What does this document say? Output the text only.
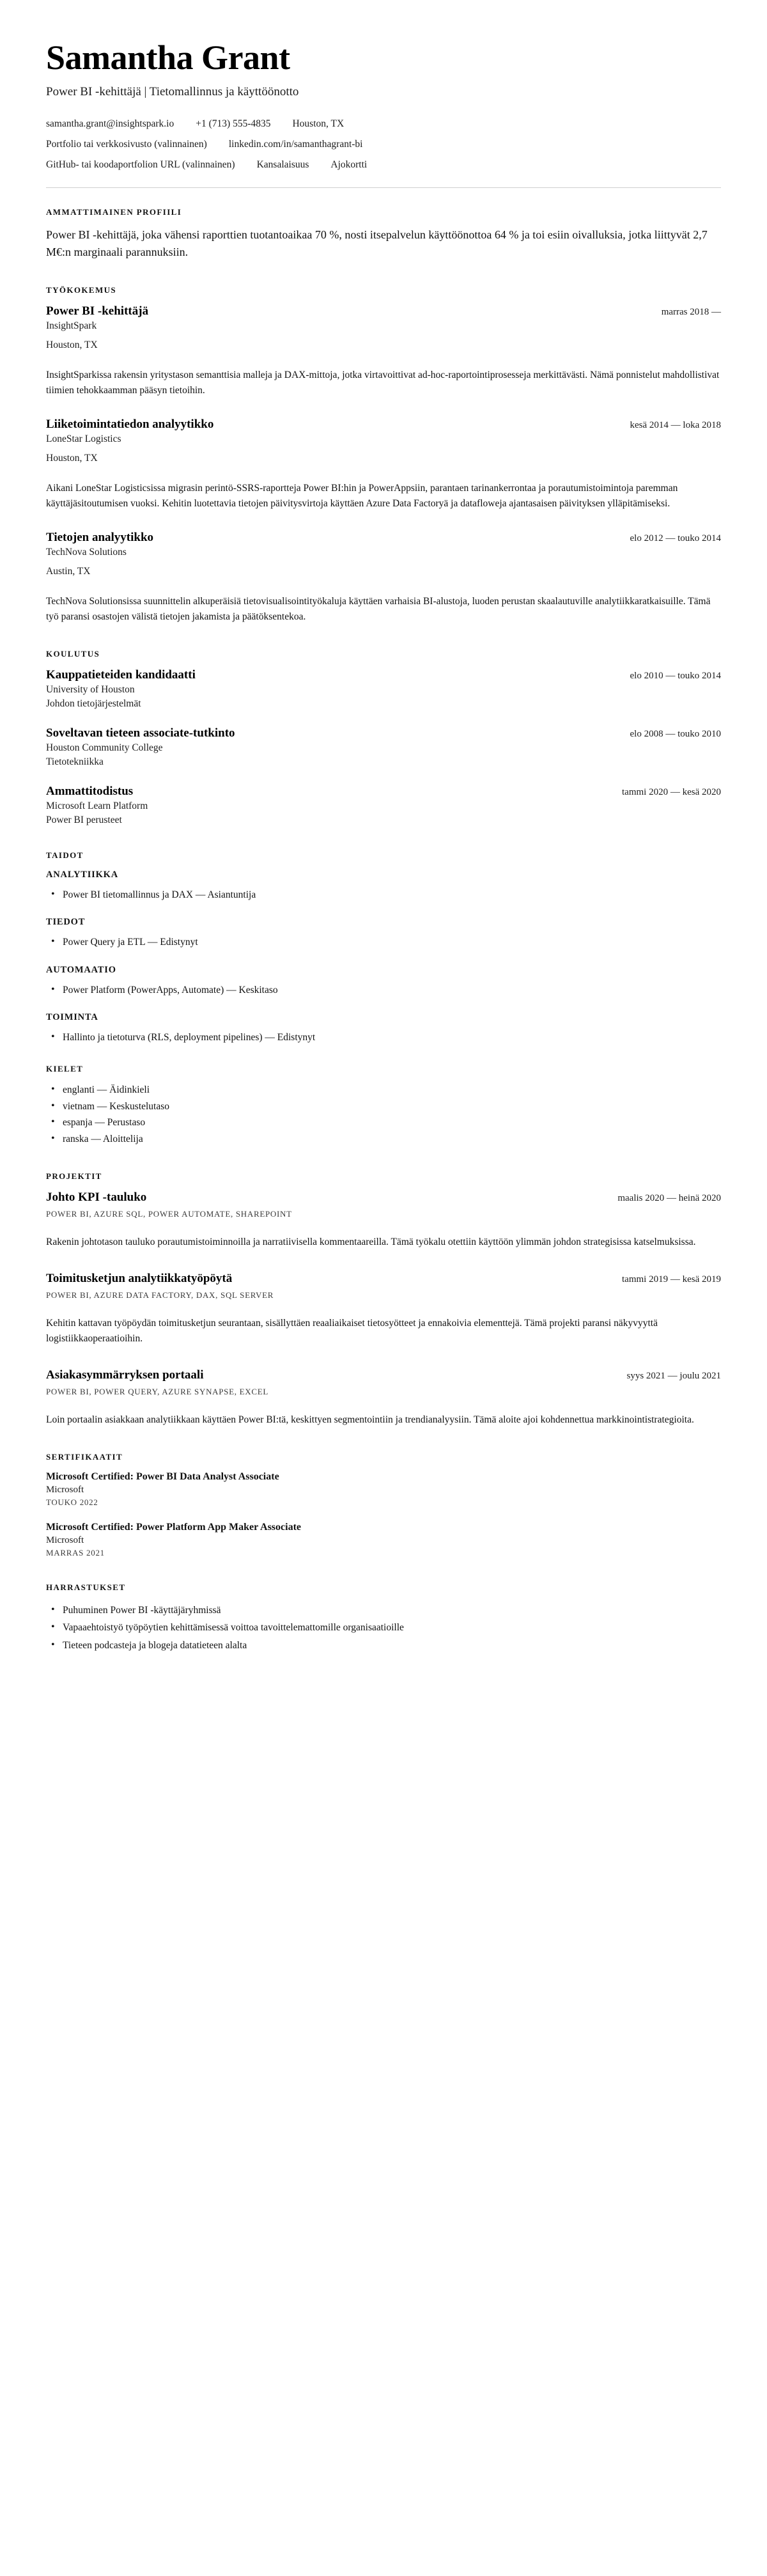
Samantha Grant
Power BI -kehittäjä | Tietomallinnus ja käyttöönotto
samantha.grant@insightspark.io +1 (713) 555-4835 Houston, TX
Portfolio tai verkkosivusto (valinnainen) linkedin.com/in/samanthagrant-bi
GitHub- tai koodaportfolion URL (valinnainen) Kansalaisuus Ajokortti
AMMATTIMAINEN PROFIILI

Power BI -kehittäjä, joka vähensi raporttien tuotantoaikaa 70 %, nosti itsepalvelun käyttöönottoa 64 % ja toi esiin oivalluksia, jotka liittyvät 2,7 M€:n marginaali parannuksiin.

TYÖKOKEMUS
Power BI -kehittäjä	marras 2018 —

InsightSpark

Houston, TX

InsightSparkissa rakensin yritystason semanttisia malleja ja DAX-mittoja, jotka virtavoittivat ad-hoc-raportointiprosesseja merkittävästi. Nämä ponnistelut mahdollistivat tiimien tehokkaamman pääsyn tietoihin.

Liiketoimintatiedon analyytikko	kesä 2014 — loka 2018

LoneStar Logistics

Houston, TX

Aikani LoneStar Logisticsissa migrasin perintö-SSRS-raportteja Power BI:hin ja PowerAppsiin, parantaen tarinankerrontaa ja porautumistoimintoja paremman käyttäjäsitoutumisen vuoksi. Kehitin luotettavia tietojen päivitysvirtoja käyttäen Azure Data Factoryä ja datafloweja ajantasaisen päivityksen ylläpitämiseksi.

Tietojen analyytikko	elo 2012 — touko 2014

TechNova Solutions

Austin, TX

TechNova Solutionsissa suunnittelin alkuperäisiä tietovisualisointityökaluja käyttäen varhaisia BI-alustoja, luoden perustan skaalautuville analytiikkaratkaisuille. Tämä työ paransi osastojen välistä tietojen jakamista ja päätöksentekoa.

KOULUTUS
Kauppatieteiden kandidaatti	elo 2010 — touko 2014

University of Houston

Johdon tietojärjestelmät

Soveltavan tieteen associate-tutkinto	elo 2008 — touko 2010

Houston Community College

Tietotekniikka

Ammattitodistus	tammi 2020 — kesä 2020

Microsoft Learn Platform

Power BI perusteet

TAIDOT
ANALYTIIKKA
• Power BI tietomallinnus ja DAX — Asiantuntija
TIEDOT
• Power Query ja ETL — Edistynyt
AUTOMAATIO
• Power Platform (PowerApps, Automate) — Keskitaso
TOIMINTA
• Hallinto ja tietoturva (RLS, deployment pipelines) — Edistynyt
KIELET
• englanti — Äidinkieli
• vietnam — Keskustelutaso
• espanja — Perustaso
• ranska — Aloittelija
PROJEKTIT
Johto KPI -tauluko	maalis 2020 — heinä 2020

POWER BI, AZURE SQL, POWER AUTOMATE, SHAREPOINT

Rakenin johtotason tauluko porautumistoiminnoilla ja narratiivisella kommentaareilla. Tämä työkalu otettiin käyttöön ylimmän johdon strategisissa katselmuksissa.

Toimitusketjun analytiikkatyöpöytä	tammi 2019 — kesä 2019

POWER BI, AZURE DATA FACTORY, DAX, SQL SERVER

Kehitin kattavan työpöydän toimitusketjun seurantaan, sisällyttäen reaaliaikaiset tietosyötteet ja ennakoivia elementtejä. Tämä projekti paransi näkyvyyttä logistiikkaoperaatioihin.

Asiakasymmärryksen portaali	syys 2021 — joulu 2021

POWER BI, POWER QUERY, AZURE SYNAPSE, EXCEL

Loin portaalin asiakkaan analytiikkaan käyttäen Power BI:tä, keskittyen segmentointiin ja trendianalyysiin. Tämä aloite ajoi kohdennettua markkinointistrategioita.

SERTIFIKAATIT
Microsoft Certified: Power BI Data Analyst Associate

Microsoft

TOUKO 2022

Microsoft Certified: Power Platform App Maker Associate

Microsoft

MARRAS 2021

HARRASTUKSET
• Puhuminen Power BI -käyttäjäryhmissä
• Vapaaehtoistyö työpöytien kehittämisessä voittoa tavoittelemattomille organisaatioille
• Tieteen podcasteja ja blogeja datatieteen alalta
